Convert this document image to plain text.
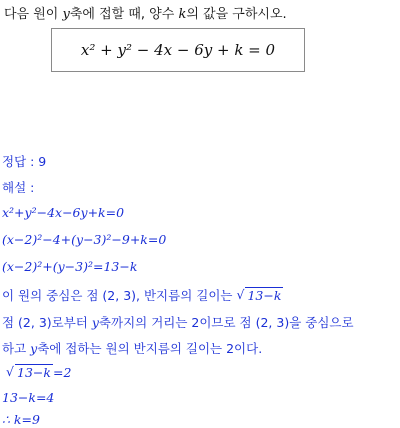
다음 원이 y축에 접할 때, 양수 k의 값을 구하시오.
x² + y² − 4x − 6y + k = 0
정답 : 9
해설 :
x²+y²−4x−6y+k=0
(x−2)²−4+(y−3)²−9+k=0
(x−2)²+(y−3)²=13−k
이 원의 중심은 점 (2, 3), 반지름의 길이는 √ 13−k
점 (2, 3)로부터 y축까지의 거리는 2이므로 점 (2, 3)을 중심으로
하고 y축에 접하는 원의 반지름의 길이는 2이다.
√ 13−k =2
13−k=4
∴ k=9
